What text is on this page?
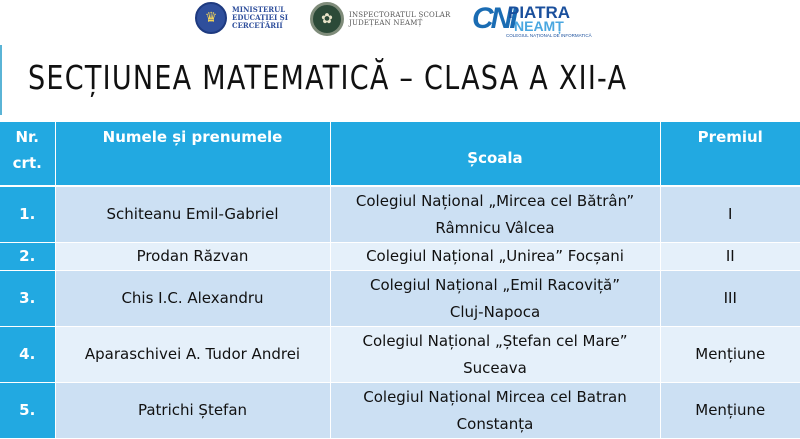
♛
MINISTERUL
EDUCAȚIEI ȘI
CERCETĂRII	✿	INSPECTORATUL ȘCOLAR
JUDEȚEAN NEAMȚ	CNI
PIATRA
NEAMȚ
COLEGIUL NAȚIONAL DE INFORMATICĂ
SECȚIUNEA MATEMATICĂ – CLASA A XII-A
Nr.
crt.	Numele și prenumele	Școala	Premiul
1.	Schiteanu Emil-Gabriel	Colegiul Național „Mircea cel Bătrân”
Râmnicu Vâlcea	I
2.	Prodan Răzvan	Colegiul Național „Unirea” Focșani	II
3.	Chis I.C. Alexandru	Colegiul Național „Emil Racoviță”
Cluj-Napoca	III
4.	Aparaschivei A. Tudor Andrei	Colegiul Național „Ștefan cel Mare”
Suceava	Mențiune
5.	Patrichi Ștefan	Colegiul Național Mircea cel Batran
Constanța	Mențiune
